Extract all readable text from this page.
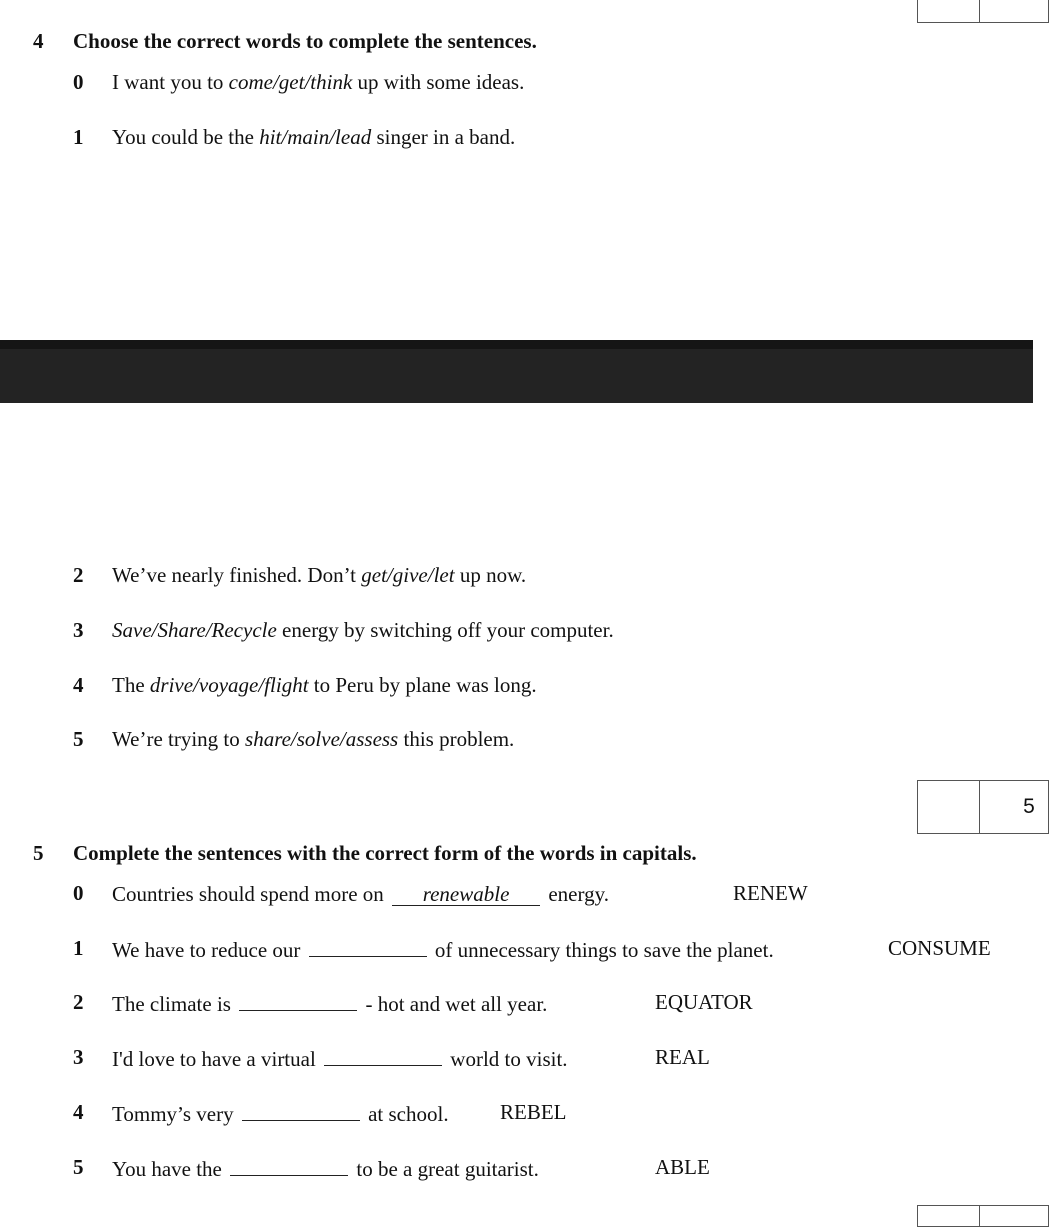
4 Choose the correct words to complete the sentences.
0 I want you to come/get/think up with some ideas.
1 You could be the hit/main/lead singer in a band.
2 We’ve nearly finished. Don’t get/give/let up now.
3 Save/Share/Recycle energy by switching off your computer.
4 The drive/voyage/flight to Peru by plane was long.
5 We’re trying to share/solve/assess this problem.
5
5 Complete the sentences with the correct form of the words in capitals.
0 Countries should spend more on renewable energy.	RENEW
1 We have to reduce our	of unnecessary things to save the planet.	CONSUME
2 The climate is	- hot and wet all year.	EQUATOR
3 I'd love to have a virtual	world to visit.	REAL
4 Tommy’s very	at school. REBEL
5 You have the	to be a great guitarist.	ABLE
